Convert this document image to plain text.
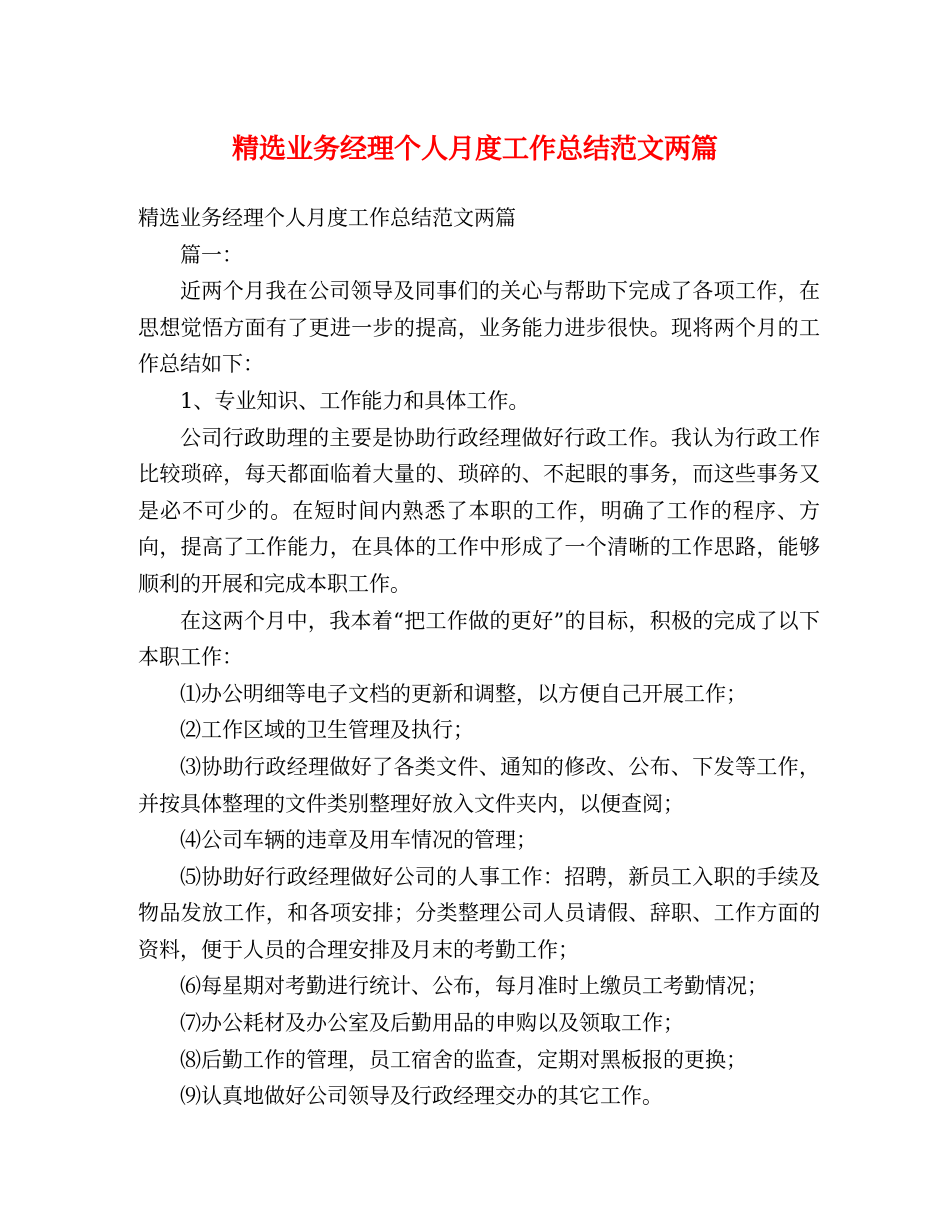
精选业务经理个人月度工作总结范文两篇

精选业务经理个人月度工作总结范文两篇

篇一：

近两个月我在公司领导及同事们的关心与帮助下完成了各项工作，在思想觉悟方面有了更进一步的提高，业务能力进步很快。现将两个月的工作总结如下：

1、专业知识、工作能力和具体工作。

公司行政助理的主要是协助行政经理做好行政工作。我认为行政工作比较琐碎，每天都面临着大量的、琐碎的、不起眼的事务，而这些事务又是必不可少的。在短时间内熟悉了本职的工作，明确了工作的程序、方向，提高了工作能力，在具体的工作中形成了一个清晰的工作思路，能够顺利的开展和完成本职工作。

在这两个月中，我本着“把工作做的更好”的目标，积极的完成了以下本职工作：

⑴办公明细等电子文档的更新和调整，以方便自己开展工作；

⑵工作区域的卫生管理及执行；

⑶协助行政经理做好了各类文件、通知的修改、公布、下发等工作，并按具体整理的文件类别整理好放入文件夹内，以便查阅；

⑷公司车辆的违章及用车情况的管理；

⑸协助好行政经理做好公司的人事工作：招聘，新员工入职的手续及物品发放工作，和各项安排；分类整理公司人员请假、辞职、工作方面的资料，便于人员的合理安排及月末的考勤工作；

⑹每星期对考勤进行统计、公布，每月准时上缴员工考勤情况；

⑺办公耗材及办公室及后勤用品的申购以及领取工作；

⑻后勤工作的管理，员工宿舍的监查，定期对黑板报的更换；

⑼认真地做好公司领导及行政经理交办的其它工作。
